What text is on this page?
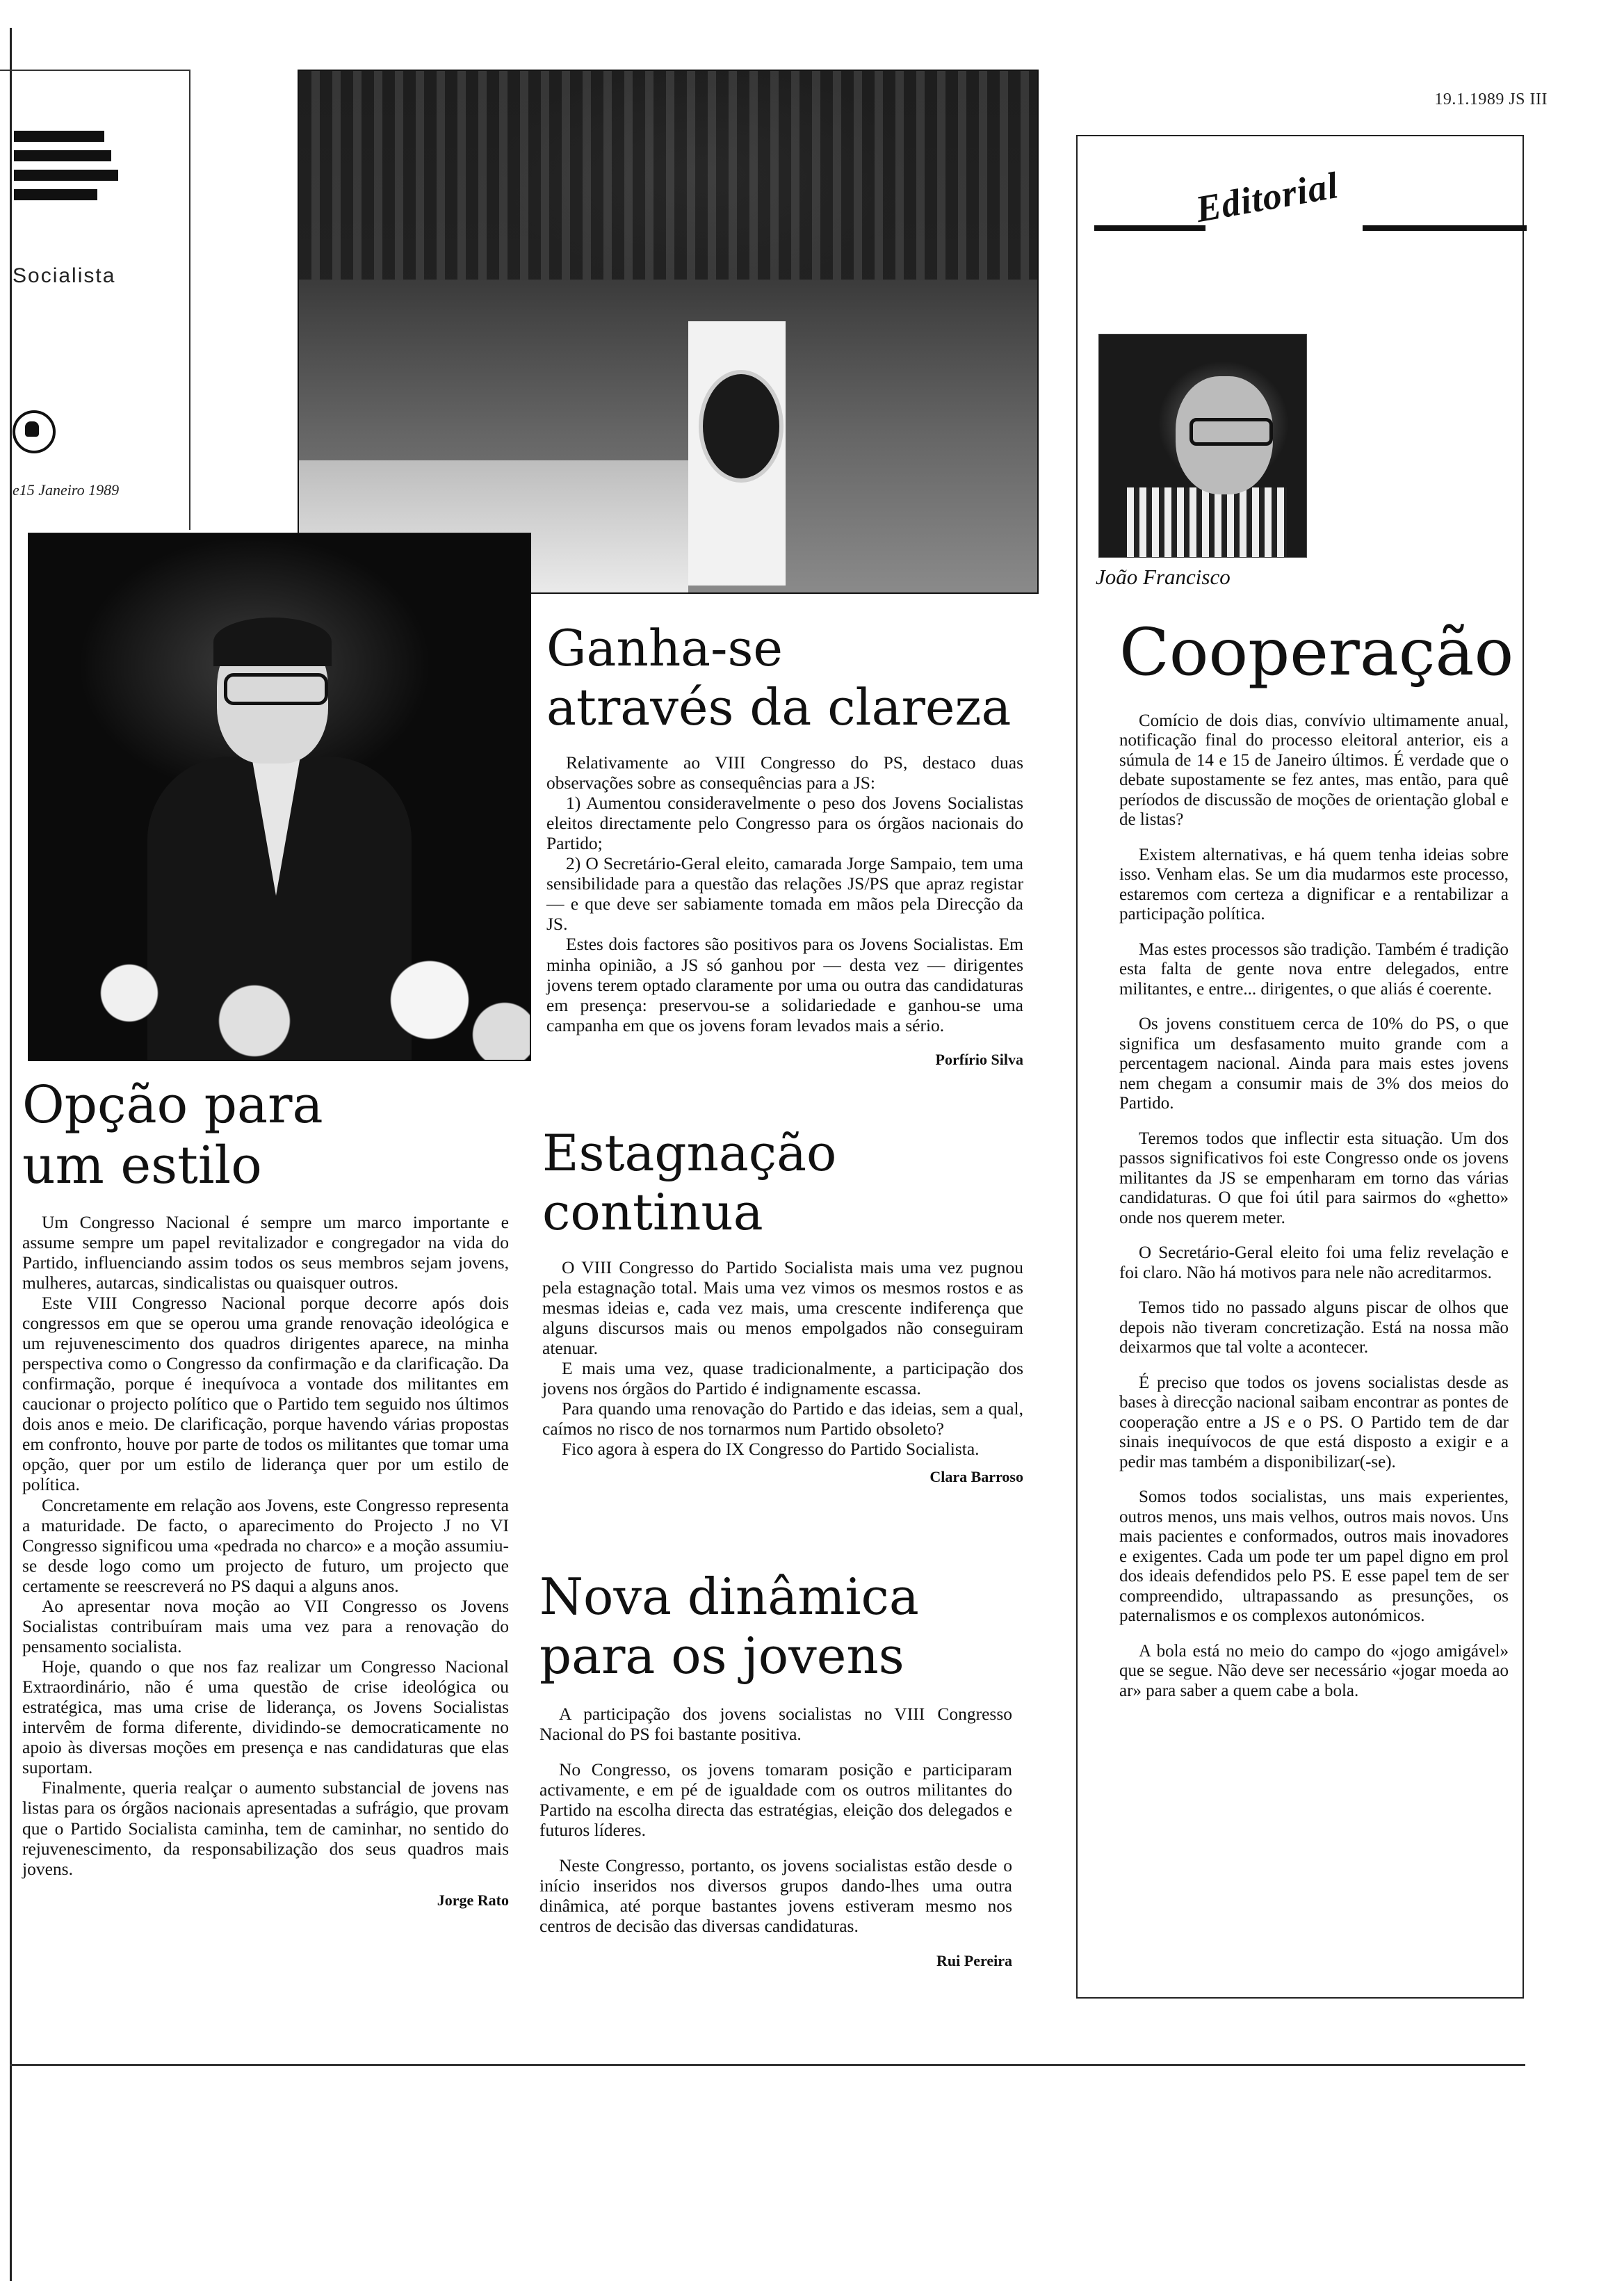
Socialista
e15 Janeiro 1989
19.1.1989 JS III
Opção para
um estilo

Um Congresso Nacional é sempre um marco importante e assume sempre um papel revitalizador e congregador na vida do Partido, influenciando assim todos os seus membros sejam jovens, mulheres, autarcas, sindicalistas ou quaisquer outros.

Este VIII Congresso Nacional porque decorre após dois congressos em que se operou uma grande renovação ideológica e um rejuvenescimento dos quadros dirigentes aparece, na minha perspectiva como o Congresso da confirmação e da clarificação. Da confirmação, porque é inequívoca a vontade dos militantes em caucionar o projecto político que o Partido tem seguido nos últimos dois anos e meio. De clarificação, porque havendo várias propostas em confronto, houve por parte de todos os militantes que tomar uma opção, quer por um estilo de liderança quer por um estilo de política.

Concretamente em relação aos Jovens, este Congresso representa a maturidade. De facto, o aparecimento do Projecto J no VI Congresso significou uma «pedrada no charco» e a moção assumiu-se desde logo como um projecto de futuro, um projecto que certamente se reescreverá no PS daqui a alguns anos.

Ao apresentar nova moção ao VII Congresso os Jovens Socialistas contribuíram mais uma vez para a renovação do pensamento socialista.

Hoje, quando o que nos faz realizar um Congresso Nacional Extraordinário, não é uma questão de crise ideológica ou estratégica, mas uma crise de liderança, os Jovens Socialistas intervêm de forma diferente, dividindo-se democraticamente no apoio às diversas moções em presença e nas candidaturas que elas suportam.

Finalmente, queria realçar o aumento substancial de jovens nas listas para os órgãos nacionais apresentadas a sufrágio, que provam que o Partido Socialista caminha, tem de caminhar, no sentido do rejuvenescimento, da responsabilização dos seus quadros mais jovens.

Jorge Rato
Ganha-se
através da clareza

Relativamente ao VIII Congresso do PS, destaco duas observações sobre as consequências para a JS:

1) Aumentou consideravelmente o peso dos Jovens Socialistas eleitos directamente pelo Congresso para os órgãos nacionais do Partido;

2) O Secretário-Geral eleito, camarada Jorge Sampaio, tem uma sensibilidade para a questão das relações JS/PS que apraz registar — e que deve ser sabiamente tomada em mãos pela Direcção da JS.

Estes dois factores são positivos para os Jovens Socialistas. Em minha opinião, a JS só ganhou por — desta vez — dirigentes jovens terem optado claramente por uma ou outra das candidaturas em presença: preservou-se a solidariedade e ganhou-se uma campanha em que os jovens foram levados mais a sério.

Porfírio Silva
Estagnação
continua

O VIII Congresso do Partido Socialista mais uma vez pugnou pela estagnação total. Mais uma vez vimos os mesmos rostos e as mesmas ideias e, cada vez mais, uma crescente indiferença que alguns discursos mais ou menos empolgados não conseguiram atenuar.

E mais uma vez, quase tradicionalmente, a participação dos jovens nos órgãos do Partido é indignamente escassa.

Para quando uma renovação do Partido e das ideias, sem a qual, caímos no risco de nos tornarmos num Partido obsoleto?

Fico agora à espera do IX Congresso do Partido Socialista.

Clara Barroso
Nova dinâmica
para os jovens

A participação dos jovens socialistas no VIII Congresso Nacional do PS foi bastante positiva.

No Congresso, os jovens tomaram posição e participaram activamente, e em pé de igualdade com os outros militantes do Partido na escolha directa das estratégias, eleição dos delegados e futuros líderes.

Neste Congresso, portanto, os jovens socialistas estão desde o início inseridos nos diversos grupos dando-lhes uma outra dinâmica, até porque bastantes jovens estiveram mesmo nos centros de decisão das diversas candidaturas.

Rui Pereira
Editorial
João Francisco
Cooperação

Comício de dois dias, convívio ultimamente anual, notificação final do processo eleitoral anterior, eis a súmula de 14 e 15 de Janeiro últimos. É verdade que o debate supostamente se fez antes, mas então, para quê períodos de discussão de moções de orientação global e de listas?

Existem alternativas, e há quem tenha ideias sobre isso. Venham elas. Se um dia mudarmos este processo, estaremos com certeza a dignificar e a rentabilizar a participação política.

Mas estes processos são tradição. Também é tradição esta falta de gente nova entre delegados, entre militantes, e entre... dirigentes, o que aliás é coerente.

Os jovens constituem cerca de 10% do PS, o que significa um desfasamento muito grande com a percentagem nacional. Ainda para mais estes jovens nem chegam a consumir mais de 3% dos meios do Partido.

Teremos todos que inflectir esta situação. Um dos passos significativos foi este Congresso onde os jovens militantes da JS se empenharam em torno das várias candidaturas. O que foi útil para sairmos do «ghetto» onde nos querem meter.

O Secretário-Geral eleito foi uma feliz revelação e foi claro. Não há motivos para nele não acreditarmos.

Temos tido no passado alguns piscar de olhos que depois não tiveram concretização. Está na nossa mão deixarmos que tal volte a acontecer.

É preciso que todos os jovens socialistas desde as bases à direcção nacional saibam encontrar as pontes de cooperação entre a JS e o PS. O Partido tem de dar sinais inequívocos de que está disposto a exigir e a pedir mas também a disponibilizar(-se).

Somos todos socialistas, uns mais experientes, outros menos, uns mais velhos, outros mais novos. Uns mais pacientes e conformados, outros mais inovadores e exigentes. Cada um pode ter um papel digno em prol dos ideais defendidos pelo PS. E esse papel tem de ser compreendido, ultrapassando as presunções, os paternalismos e os complexos autonómicos.

A bola está no meio do campo do «jogo amigável» que se segue. Não deve ser necessário «jogar moeda ao ar» para saber a quem cabe a bola.
